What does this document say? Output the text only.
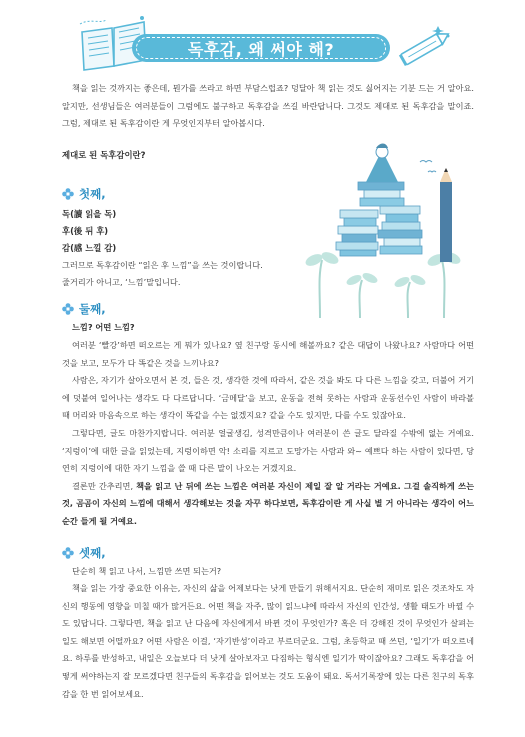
독후감, 왜 써야 해?

책을 읽는 것까지는 좋은데, 뭔가를 쓰라고 하면 부담스럽죠? 덩달아 책 읽는 것도 싫어지는 기분 드는 거 알아요. 알지만, 선생님들은 여러분들이 그럼에도 불구하고 독후감을 쓰길 바란답니다. 그것도 제대로 된 독후감을 말이죠. 그럼, 제대로 된 독후감이란 게 무엇인지부터 알아봅시다.

제대로 된 독후감이란?

첫째,

독(讀 읽을 독)

후(後 뒤 후)

감(感 느낄 감)

그러므로 독후감이란 “읽은 후 느낌”을 쓰는 것이랍니다.

줄거리가 아니고, ‘느낌’말입니다.

둘째,

느낌? 어떤 느낌?

여러분 ‘빨강’하면 떠오르는 게 뭐가 있나요? 옆 친구랑 동시에 해볼까요? 같은 대답이 나왔나요? 사람마다 어떤 것을 보고, 모두가 다 똑같은 것을 느끼나요?

사람은, 자기가 살아오면서 본 것, 들은 것, 생각한 것에 따라서, 같은 것을 봐도 다 다른 느낌을 갖고, 더불어 거기에 덧붙여 일어나는 생각도 다 다르답니다. ‘금메달’을 보고, 운동을 전혀 못하는 사람과 운동선수인 사람이 바라볼 때 머리와 마음속으로 하는 생각이 똑같을 수는 없겠지요? 같을 수도 있지만, 다를 수도 있잖아요.

그렇다면, 글도 마찬가지랍니다. 여러분 얼굴생김, 성격만큼이나 여러분이 쓴 글도 달라질 수밖에 없는 거예요. ‘지렁이’에 대한 글을 읽었는데, 지렁이하면 악! 소리를 지르고 도망가는 사람과 와~ 예쁘다 하는 사람이 있다면, 당연히 지렁이에 대한 자기 느낌을 쓸 때 다른 말이 나오는 거겠지요.

결론만 간추리면, 책을 읽고 난 뒤에 쓰는 느낌은 여러분 자신이 제일 잘 알 거라는 거예요. 그걸 솔직하게 쓰는 것, 곰곰이 자신의 느낌에 대해서 생각해보는 것을 자꾸 하다보면, 독후감이란 게 사실 별 거 아니라는 생각이 어느 순간 들게 될 거예요.

셋째,

단순히 책 읽고 나서, 느낌만 쓰면 되는거?

책을 읽는 가장 중요한 이유는, 자신의 삶을 어제보다는 낫게 만들기 위해서지요. 단순히 재미로 읽은 것조차도 자신의 행동에 영향을 미칠 때가 많거든요. 어떤 책을 자주, 많이 읽느냐에 따라서 자신의 인간성, 생활 태도가 바뀔 수도 있답니다. 그렇다면, 책을 읽고 난 다음에 자신에게서 바뀐 것이 무엇인가? 혹은 더 강해진 것이 무엇인가 살펴는 일도 해보면 어떨까요? 어떤 사람은 이걸, ‘자기반성’이라고 부르더군요. 그럼, 초등학교 때 쓰던, ‘일기’가 떠오르네요. 하루를 반성하고, 내일은 오늘보다 더 낫게 살아보자고 다짐하는 형식엔 일기가 딱이잖아요? 그래도 독후감을 어떻게 써야하는지 잘 모르겠다면 친구들의 독후감을 읽어보는 것도 도움이 돼요. 독서기록장에 있는 다른 친구의 독후감을 한 번 읽어보세요.
